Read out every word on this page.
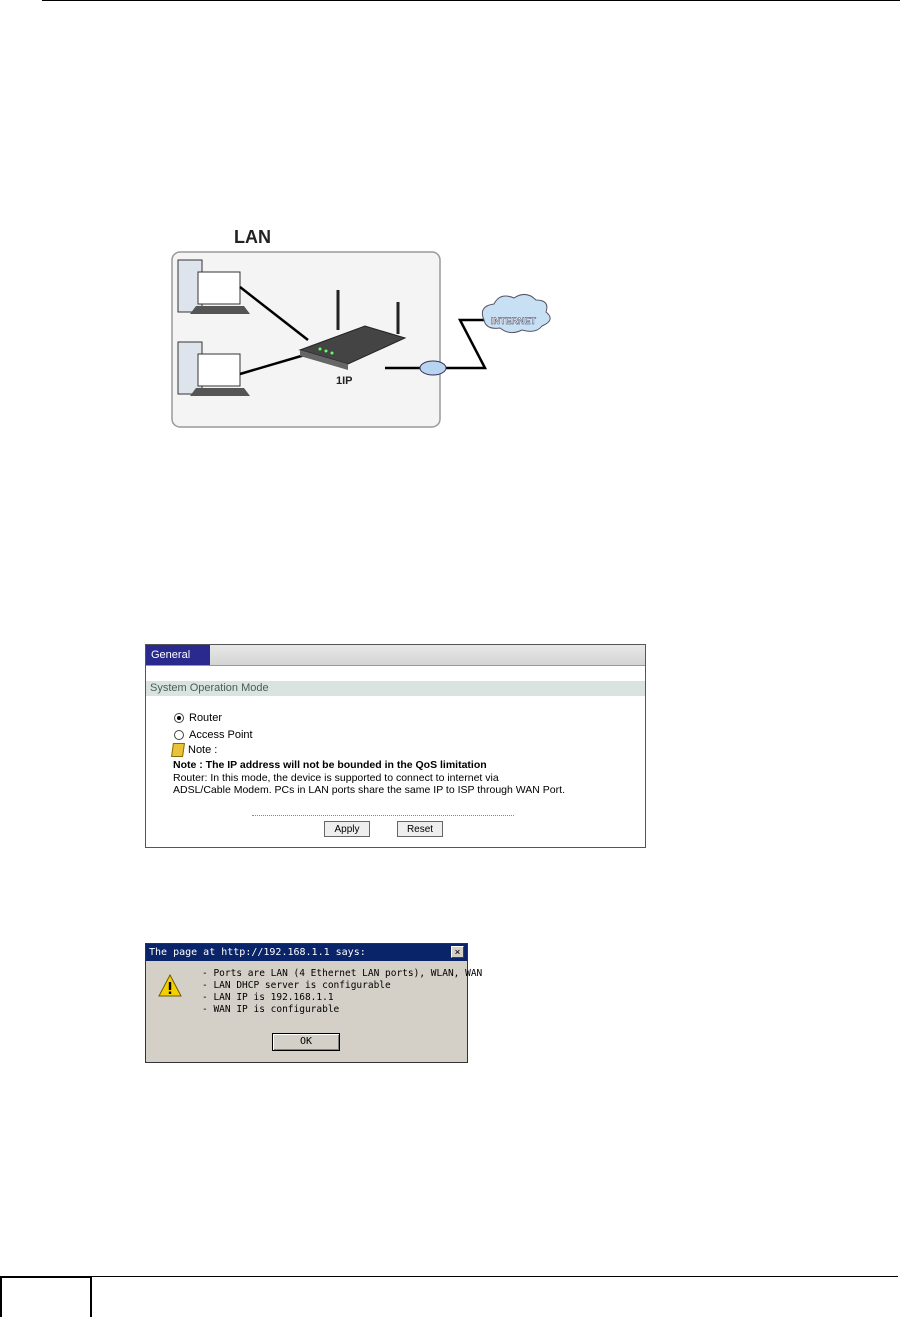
LAN
1IP
INTERNET
General
System Operation Mode
Router
Access Point
Note :
Note : The IP address will not be bounded in the QoS limitation
Router: In this mode, the device is supported to connect to internet via
ADSL/Cable Modem. PCs in LAN ports share the same IP to ISP through WAN Port.
Apply	Reset
The page at http://192.168.1.1 says:	×
- Ports are LAN (4 Ethernet LAN ports), WLAN, WAN
- LAN DHCP server is configurable
- LAN IP is 192.168.1.1
- WAN IP is configurable
OK
